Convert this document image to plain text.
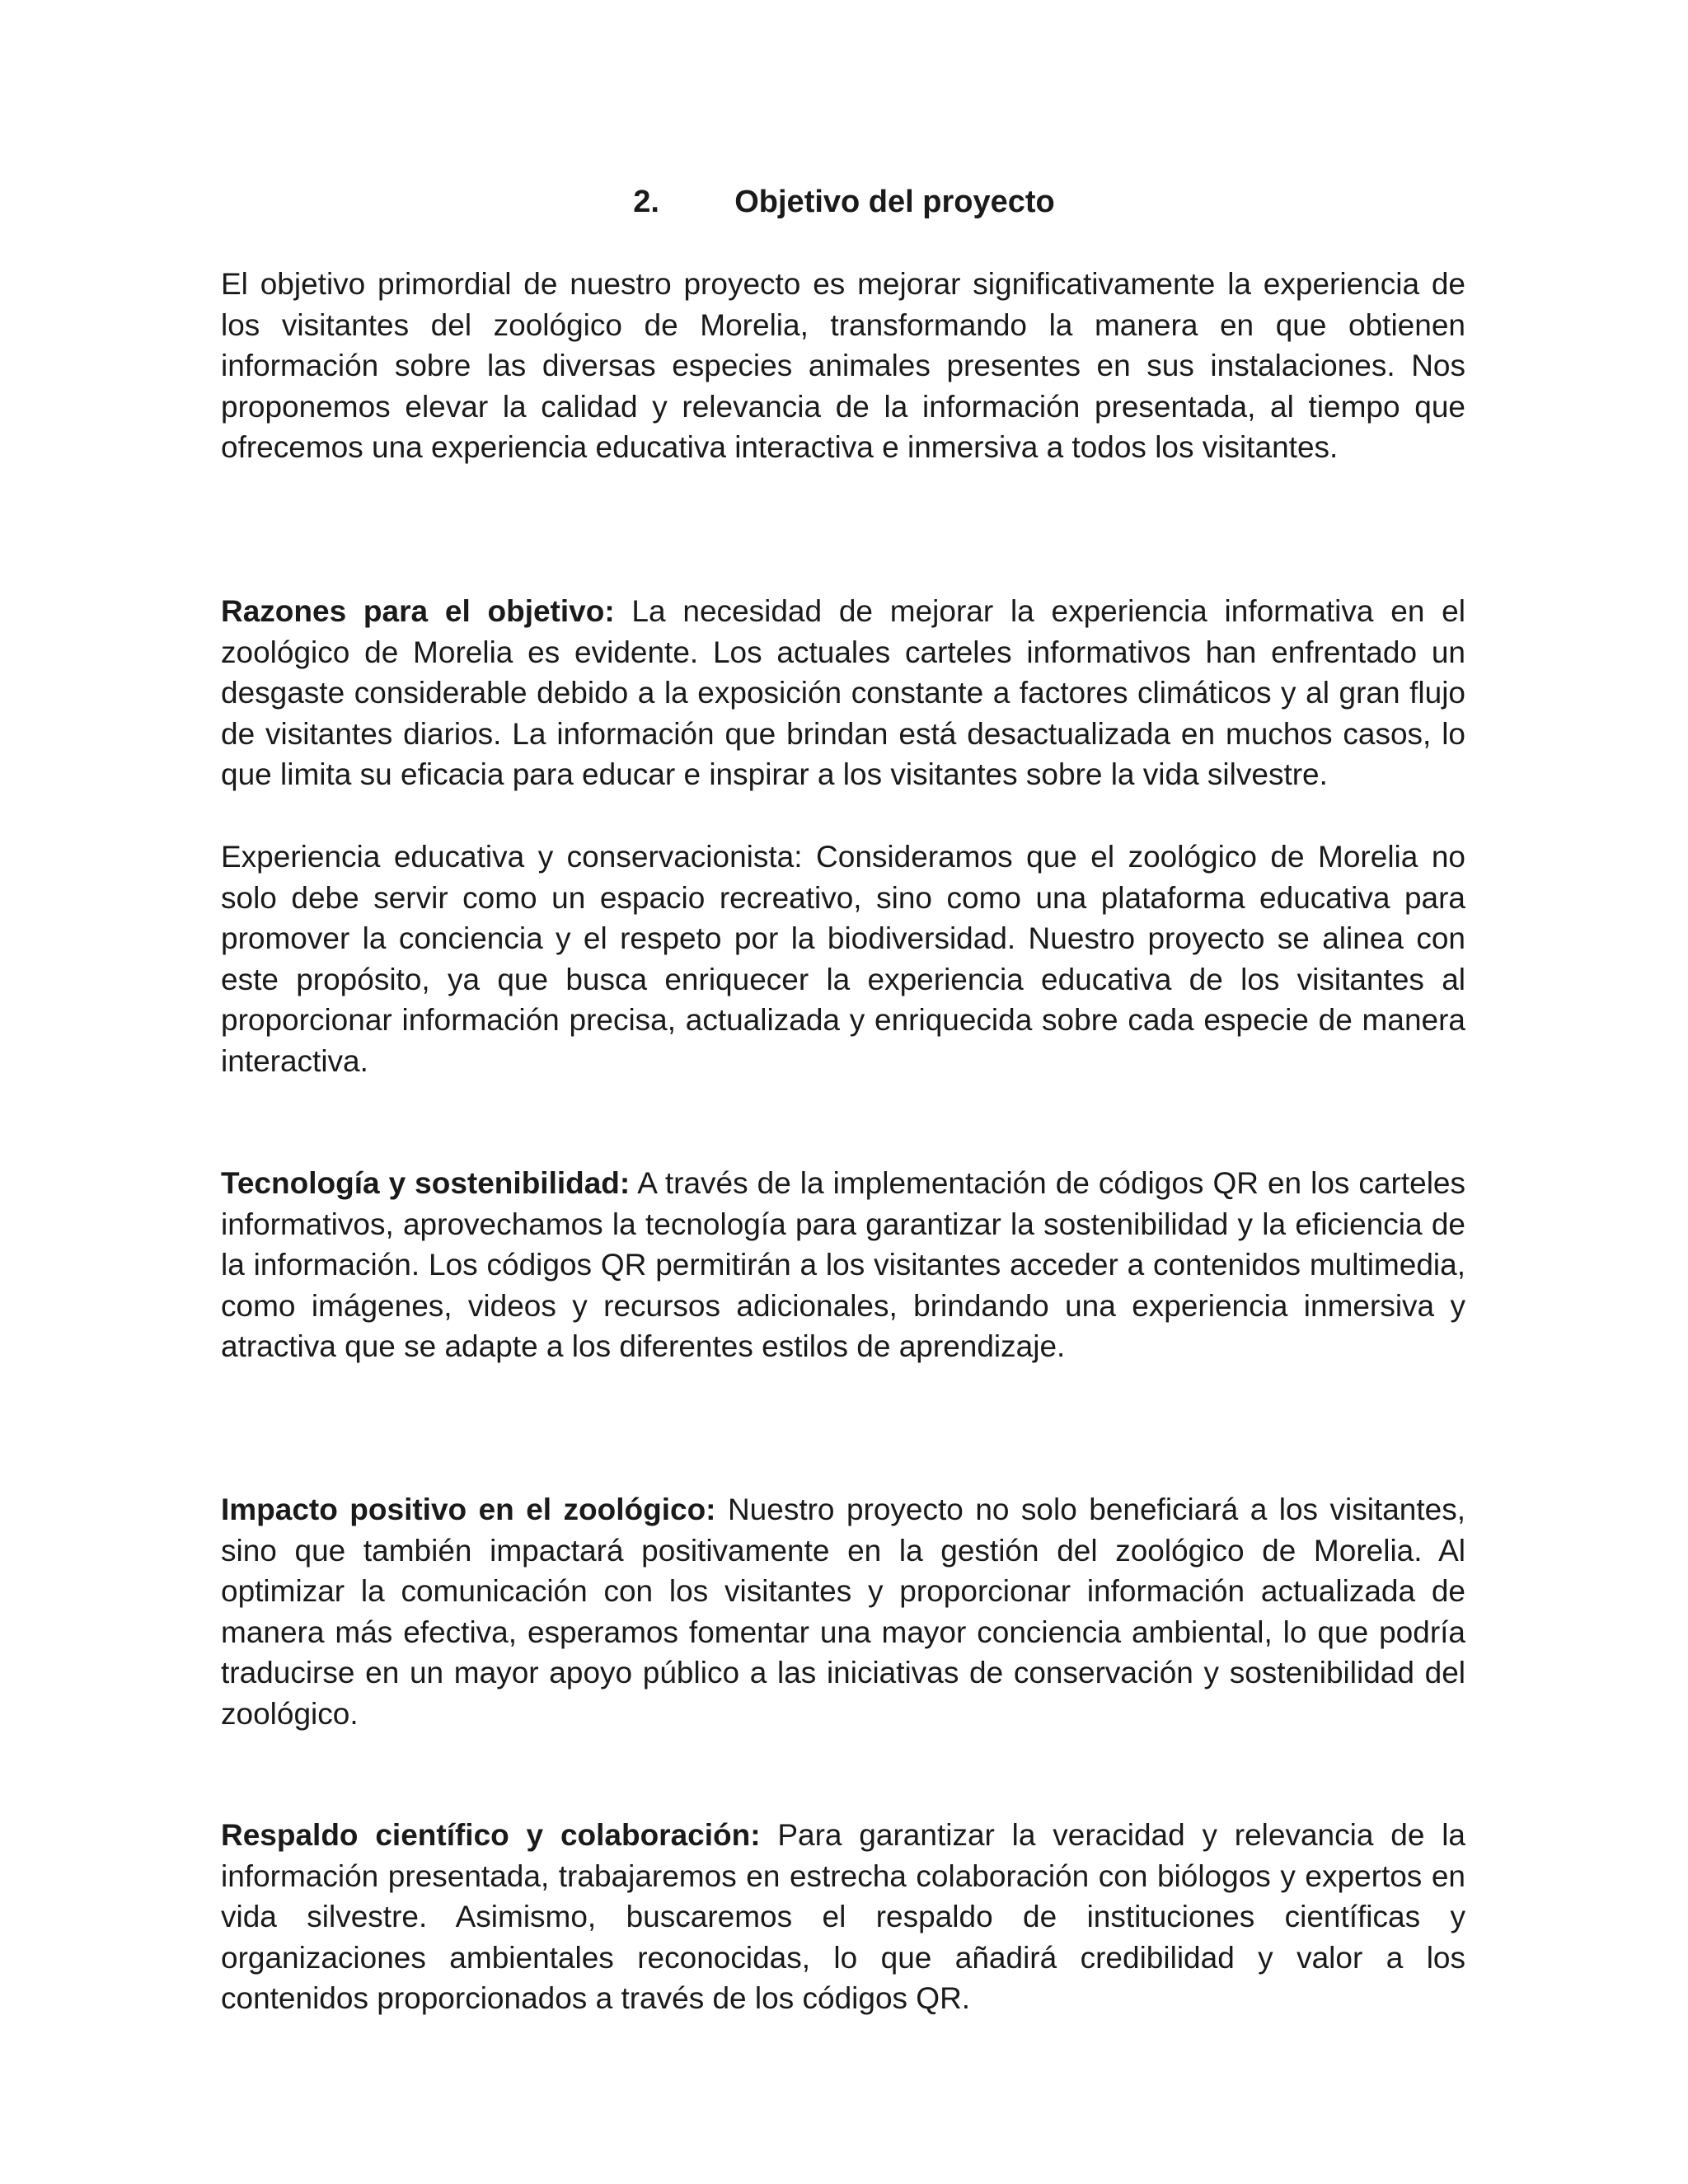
2. Objetivo del proyecto

El objetivo primordial de nuestro proyecto es mejorar significativamente la experiencia de los visitantes del zoológico de Morelia, transformando la manera en que obtienen información sobre las diversas especies animales presentes en sus instalaciones. Nos proponemos elevar la calidad y relevancia de la información presentada, al tiempo que ofrecemos una experiencia educativa interactiva e inmersiva a todos los visitantes.

Razones para el objetivo: La necesidad de mejorar la experiencia informativa en el zoológico de Morelia es evidente. Los actuales carteles informativos han enfrentado un desgaste considerable debido a la exposición constante a factores climáticos y al gran flujo de visitantes diarios. La información que brindan está desactualizada en muchos casos, lo que limita su eficacia para educar e inspirar a los visitantes sobre la vida silvestre.

Experiencia educativa y conservacionista: Consideramos que el zoológico de Morelia no solo debe servir como un espacio recreativo, sino como una plataforma educativa para promover la conciencia y el respeto por la biodiversidad. Nuestro proyecto se alinea con este propósito, ya que busca enriquecer la experiencia educativa de los visitantes al proporcionar información precisa, actualizada y enriquecida sobre cada especie de manera interactiva.

Tecnología y sostenibilidad: A través de la implementación de códigos QR en los carteles informativos, aprovechamos la tecnología para garantizar la sostenibilidad y la eficiencia de la información. Los códigos QR permitirán a los visitantes acceder a contenidos multimedia, como imágenes, videos y recursos adicionales, brindando una experiencia inmersiva y atractiva que se adapte a los diferentes estilos de aprendizaje.

Impacto positivo en el zoológico: Nuestro proyecto no solo beneficiará a los visitantes, sino que también impactará positivamente en la gestión del zoológico de Morelia. Al optimizar la comunicación con los visitantes y proporcionar información actualizada de manera más efectiva, esperamos fomentar una mayor conciencia ambiental, lo que podría traducirse en un mayor apoyo público a las iniciativas de conservación y sostenibilidad del zoológico.

Respaldo científico y colaboración: Para garantizar la veracidad y relevancia de la información presentada, trabajaremos en estrecha colaboración con biólogos y expertos en vida silvestre. Asimismo, buscaremos el respaldo de instituciones científicas y organizaciones ambientales reconocidas, lo que añadirá credibilidad y valor a los contenidos proporcionados a través de los códigos QR.
